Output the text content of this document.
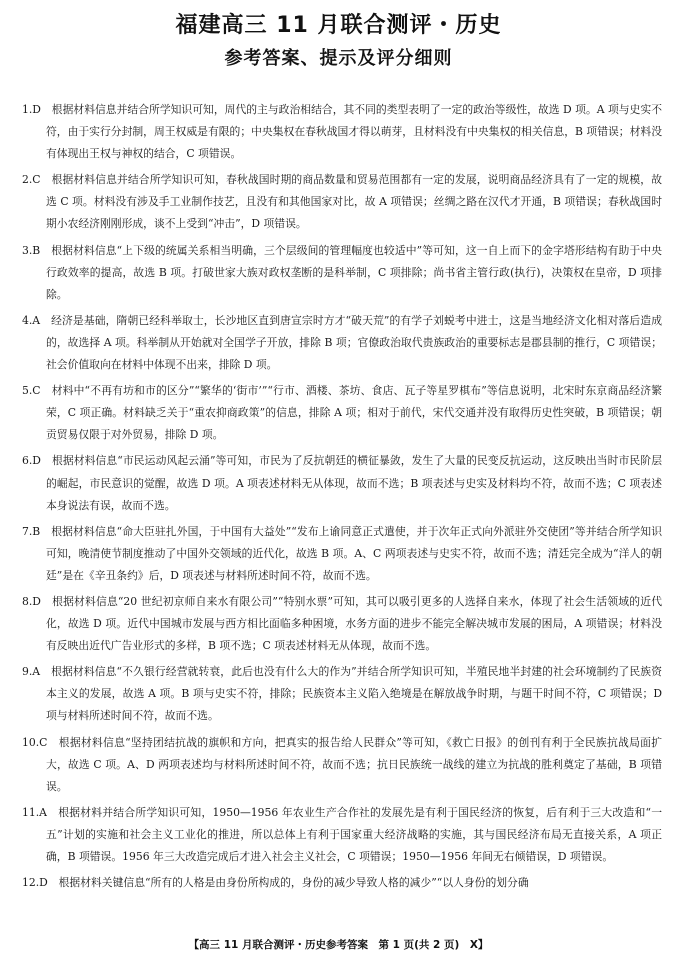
福建高三 11 月联合测评・历史
参考答案、提示及评分细则

1.D　 根据材料信息并结合所学知识可知，周代的主与政治相结合，其不同的类型表明了一定的政治等级性，故选 D 项。A 项与史实不符，由于实行分封制，周王权威是有限的；中央集权在春秋战国才得以萌芽，且材料没有中央集权的相关信息，B 项错误；材料没有体现出王权与神权的结合，C 项错误。

2.C　 根据材料信息并结合所学知识可知，春秋战国时期的商品数量和贸易范围都有一定的发展，说明商品经济具有了一定的规模，故选 C 项。材料没有涉及手工业制作技艺，且没有和其他国家对比，故 A 项错误；丝绸之路在汉代才开通，B 项错误；春秋战国时期小农经济刚刚形成，谈不上受到“冲击”，D 项错误。

3.B　 根据材料信息“上下级的统属关系相当明确，三个层级间的管理幅度也较适中”等可知，这一自上而下的金字塔形结构有助于中央行政效率的提高，故选 B 项。打破世家大族对政权垄断的是科举制，C 项排除；尚书省主管行政(执行)，决策权在皇帝，D 项排除。

4.A　 经济是基础，隋朝已经科举取士，长沙地区直到唐宣宗时方才“破天荒”的有学子刘蜕考中进士，这是当地经济文化相对落后造成的，故选择 A 项。科举制从开始就对全国学子开放，排除 B 项；官僚政治取代贵族政治的重要标志是郡县制的推行，C 项错误；社会价值取向在材料中体现不出来，排除 D 项。

5.C　 材料中“不再有坊和市的区分”“繁华的‘街市’”“行市、酒楼、茶坊、食店、瓦子等星罗棋布”等信息说明，北宋时东京商品经济繁荣，C 项正确。材料缺乏关于“重农抑商政策”的信息，排除 A 项；相对于前代，宋代交通并没有取得历史性突破，B 项错误；朝贡贸易仅限于对外贸易，排除 D 项。

6.D　 根据材料信息“市民运动风起云涌”等可知，市民为了反抗朝廷的横征暴敛，发生了大量的民变反抗运动，这反映出当时市民阶层的崛起，市民意识的觉醒，故选 D 项。A 项表述材料无从体现，故而不选；B 项表述与史实及材料均不符，故而不选；C 项表述本身说法有误，故而不选。

7.B　 根据材料信息“命大臣驻扎外国，于中国有大益处”“发布上谕同意正式遣使，并于次年正式向外派驻外交使团”等并结合所学知识可知，晚清使节制度推动了中国外交领域的近代化，故选 B 项。A、C 两项表述与史实不符，故而不选；清廷完全成为“洋人的朝廷”是在《辛丑条约》后，D 项表述与材料所述时间不符，故而不选。

8.D　 根据材料信息“20 世纪初京师自来水有限公司”“特别水票”可知，其可以吸引更多的人选择自来水，体现了社会生活领域的近代化，故选 D 项。近代中国城市发展与西方相比面临多种困境，水务方面的进步不能完全解决城市发展的困局，A 项错误；材料没有反映出近代广告业形式的多样，B 项不选；C 项表述材料无从体现，故而不选。

9.A　 根据材料信息“不久银行经营就转衰，此后也没有什么大的作为”并结合所学知识可知，半殖民地半封建的社会环境制约了民族资本主义的发展，故选 A 项。B 项与史实不符，排除；民族资本主义陷入绝境是在解放战争时期，与题干时间不符，C 项错误；D 项与材料所述时间不符，故而不选。

10.C　 根据材料信息“坚持团结抗战的旗帜和方向，把真实的报告给人民群众”等可知，《救亡日报》的创刊有利于全民族抗战局面扩大，故选 C 项。A、D 两项表述均与材料所述时间不符，故而不选；抗日民族统一战线的建立为抗战的胜利奠定了基础，B 项错误。

11.A　 根据材料并结合所学知识可知，1950—1956 年农业生产合作社的发展先是有利于国民经济的恢复，后有利于三大改造和“一五”计划的实施和社会主义工业化的推进，所以总体上有利于国家重大经济战略的实施，其与国民经济布局无直接关系，A 项正确，B 项错误。1956 年三大改造完成后才进入社会主义社会，C 项错误；1950—1956 年间无右倾错误，D 项错误。

12.D　 根据材料关键信息“所有的人格是由身份所构成的，身份的减少导致人格的减少”“以人身份的划分确

【高三 11 月联合测评・历史参考答案　第 1 页(共 2 页)　X】
